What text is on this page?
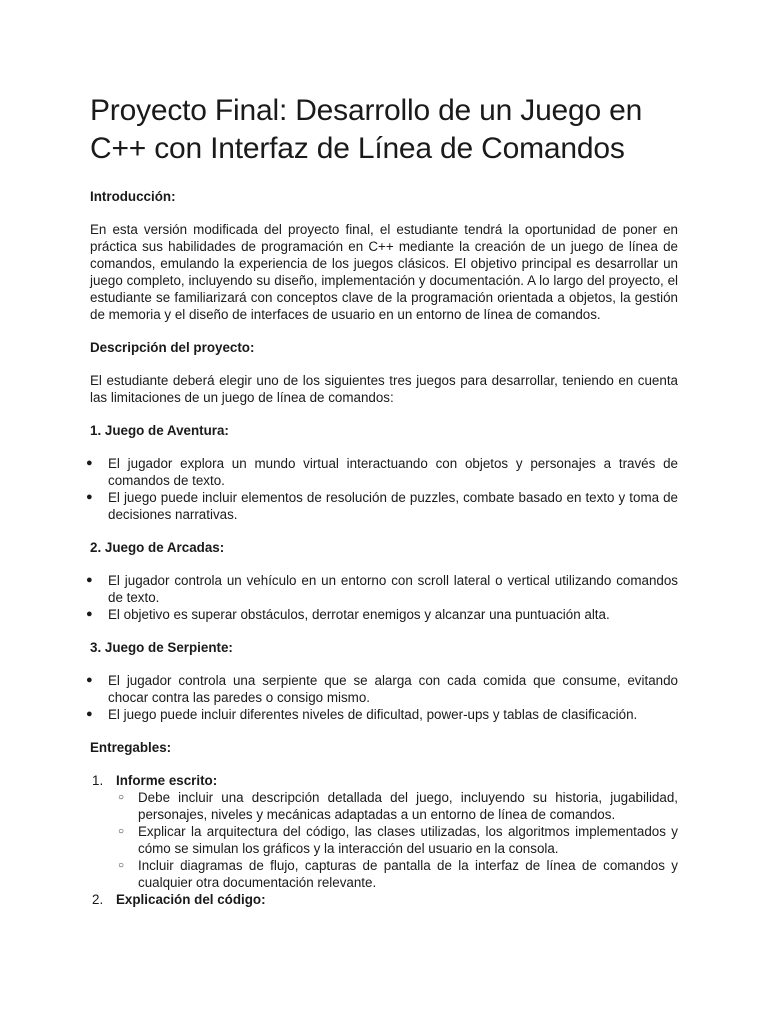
Proyecto Final: Desarrollo de un Juego en C++ con Interfaz de Línea de Comandos
Introducción:

En esta versión modificada del proyecto final, el estudiante tendrá la oportunidad de poner en práctica sus habilidades de programación en C++ mediante la creación de un juego de línea de comandos, emulando la experiencia de los juegos clásicos. El objetivo principal es desarrollar un juego completo, incluyendo su diseño, implementación y documentación. A lo largo del proyecto, el estudiante se familiarizará con conceptos clave de la programación orientada a objetos, la gestión de memoria y el diseño de interfaces de usuario en un entorno de línea de comandos.

Descripción del proyecto:

El estudiante deberá elegir uno de los siguientes tres juegos para desarrollar, teniendo en cuenta las limitaciones de un juego de línea de comandos:

1. Juego de Aventura:
● El jugador explora un mundo virtual interactuando con objetos y personajes a través de comandos de texto.
● El juego puede incluir elementos de resolución de puzzles, combate basado en texto y toma de decisiones narrativas.
2. Juego de Arcadas:
● El jugador controla un vehículo en un entorno con scroll lateral o vertical utilizando comandos de texto.
● El objetivo es superar obstáculos, derrotar enemigos y alcanzar una puntuación alta.
3. Juego de Serpiente:
● El jugador controla una serpiente que se alarga con cada comida que consume, evitando chocar contra las paredes o consigo mismo.
● El juego puede incluir diferentes niveles de dificultad, power-ups y tablas de clasificación.
Entregables:
1. Informe escrito:
○ Debe incluir una descripción detallada del juego, incluyendo su historia, jugabilidad, personajes, niveles y mecánicas adaptadas a un entorno de línea de comandos.
○ Explicar la arquitectura del código, las clases utilizadas, los algoritmos implementados y cómo se simulan los gráficos y la interacción del usuario en la consola.
○ Incluir diagramas de flujo, capturas de pantalla de la interfaz de línea de comandos y cualquier otra documentación relevante.
2. Explicación del código:
